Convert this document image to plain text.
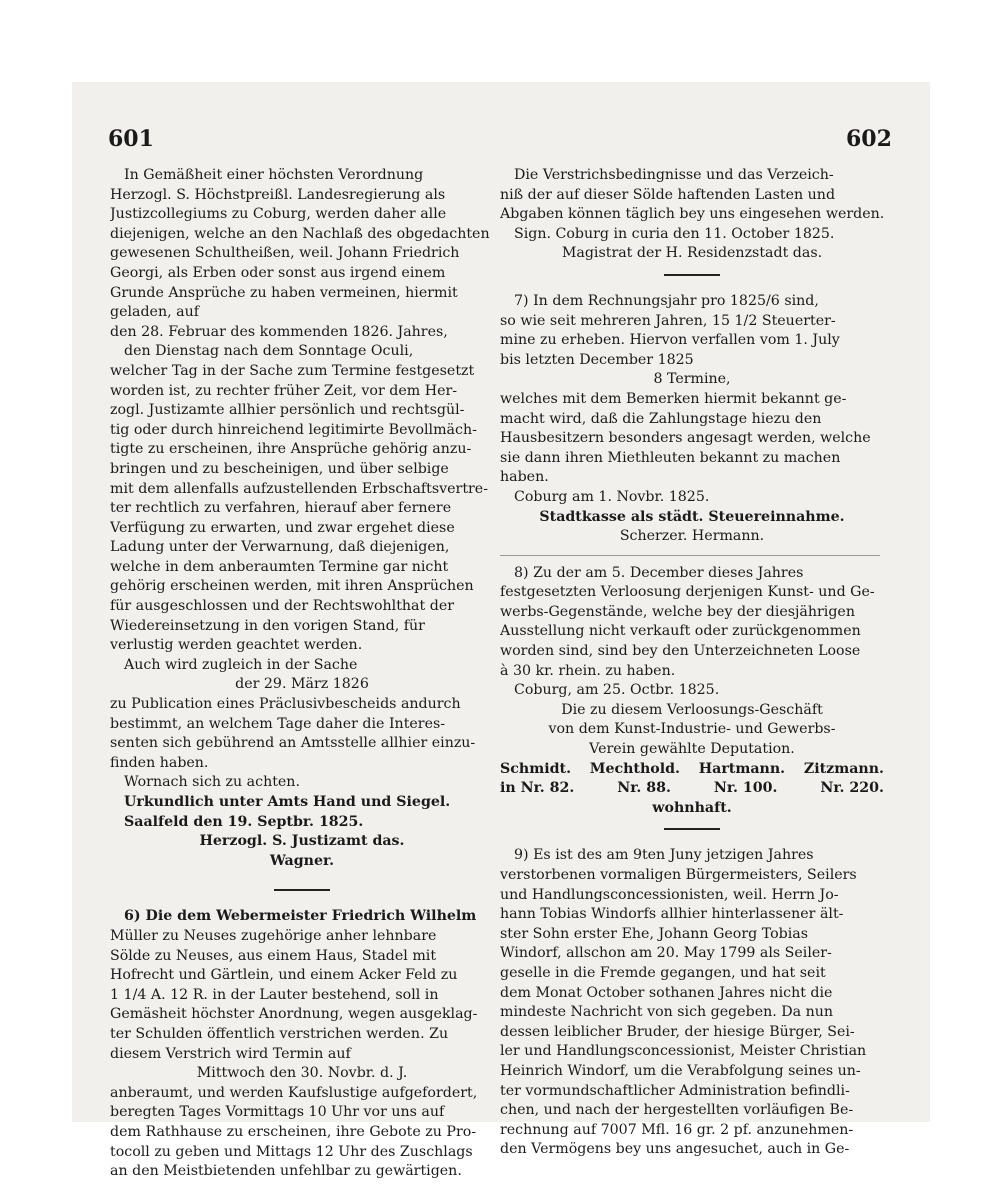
601	602
In Gemäßheit einer höchsten Verordnung
Herzogl. S. Höchstpreißl. Landesregierung als
Justizcollegiums zu Coburg, werden daher alle
diejenigen, welche an den Nachlaß des obgedachten
gewesenen Schultheißen, weil. Johann Friedrich
Georgi, als Erben oder sonst aus irgend einem
Grunde Ansprüche zu haben vermeinen, hiermit
geladen, auf
den 28. Februar des kommenden 1826. Jahres,
den Dienstag nach dem Sonntage Oculi,
welcher Tag in der Sache zum Termine festgesetzt
worden ist, zu rechter früher Zeit, vor dem Her-
zogl. Justizamte allhier persönlich und rechtsgül-
tig oder durch hinreichend legitimirte Bevollmäch-
tigte zu erscheinen, ihre Ansprüche gehörig anzu-
bringen und zu bescheinigen, und über selbige
mit dem allenfalls aufzustellenden Erbschaftsvertre-
ter rechtlich zu verfahren, hierauf aber fernere
Verfügung zu erwarten, und zwar ergehet diese
Ladung unter der Verwarnung, daß diejenigen,
welche in dem anberaumten Termine gar nicht
gehörig erscheinen werden, mit ihren Ansprüchen
für ausgeschlossen und der Rechtswohlthat der
Wiedereinsetzung in den vorigen Stand, für
verlustig werden geachtet werden.
Auch wird zugleich in der Sache
der 29. März 1826
zu Publication eines Präclusivbescheids andurch
bestimmt, an welchem Tage daher die Interes-
senten sich gebührend an Amtsstelle allhier einzu-
finden haben.
Wornach sich zu achten.
Urkundlich unter Amts Hand und Siegel.
Saalfeld den 19. Septbr. 1825.
Herzogl. S. Justizamt das.
Wagner.
6) Die dem Webermeister Friedrich Wilhelm
Müller zu Neuses zugehörige anher lehnbare
Sölde zu Neuses, aus einem Haus, Stadel mit
Hofrecht und Gärtlein, und einem Acker Feld zu
1 1/4 A. 12 R. in der Lauter bestehend, soll in
Gemäsheit höchster Anordnung, wegen ausgeklag-
ter Schulden öffentlich verstrichen werden. Zu
diesem Verstrich wird Termin auf
Mittwoch den 30. Novbr. d. J.
anberaumt, und werden Kaufslustige aufgefordert,
beregten Tages Vormittags 10 Uhr vor uns auf
dem Rathhause zu erscheinen, ihre Gebote zu Pro-
tocoll zu geben und Mittags 12 Uhr des Zuschlags
an den Meistbietenden unfehlbar zu gewärtigen.
Die Verstrichsbedingnisse und das Verzeich-
niß der auf dieser Sölde haftenden Lasten und
Abgaben können täglich bey uns eingesehen werden.
Sign. Coburg in curia den 11. October 1825.
Magistrat der H. Residenzstadt das.
7) In dem Rechnungsjahr pro 1825/6 sind,
so wie seit mehreren Jahren, 15 1/2 Steuerter-
mine zu erheben. Hiervon verfallen vom 1. July
bis letzten December 1825
8 Termine,
welches mit dem Bemerken hiermit bekannt ge-
macht wird, daß die Zahlungstage hiezu den
Hausbesitzern besonders angesagt werden, welche
sie dann ihren Miethleuten bekannt zu machen
haben.
Coburg am 1. Novbr. 1825.
Stadtkasse als städt. Steuereinnahme.
Scherzer. Hermann.
8) Zu der am 5. December dieses Jahres
festgesetzten Verloosung derjenigen Kunst- und Ge-
werbs-Gegenstände, welche bey der diesjährigen
Ausstellung nicht verkauft oder zurückgenommen
worden sind, sind bey den Unterzeichneten Loose
à 30 kr. rhein. zu haben.
Coburg, am 25. Octbr. 1825.
Die zu diesem Verloosungs-Geschäft
von dem Kunst-Industrie- und Gewerbs-
Verein gewählte Deputation.
Schmidt. Mechthold. Hartmann. Zitzmann.
in Nr. 82.	Nr. 88.	Nr. 100.	Nr. 220.
wohnhaft.
9) Es ist des am 9ten Juny jetzigen Jahres
verstorbenen vormaligen Bürgermeisters, Seilers
und Handlungsconcessionisten, weil. Herrn Jo-
hann Tobias Windorfs allhier hinterlassener ält-
ster Sohn erster Ehe, Johann Georg Tobias
Windorf, allschon am 20. May 1799 als Seiler-
geselle in die Fremde gegangen, und hat seit
dem Monat October sothanen Jahres nicht die
mindeste Nachricht von sich gegeben. Da nun
dessen leiblicher Bruder, der hiesige Bürger, Sei-
ler und Handlungsconcessionist, Meister Christian
Heinrich Windorf, um die Verabfolgung seines un-
ter vormundschaftlicher Administration befindli-
chen, und nach der hergestellten vorläufigen Be-
rechnung auf 7007 Mfl. 16 gr. 2 pf. anzunehmen-
den Vermögens bey uns angesuchet, auch in Ge-
